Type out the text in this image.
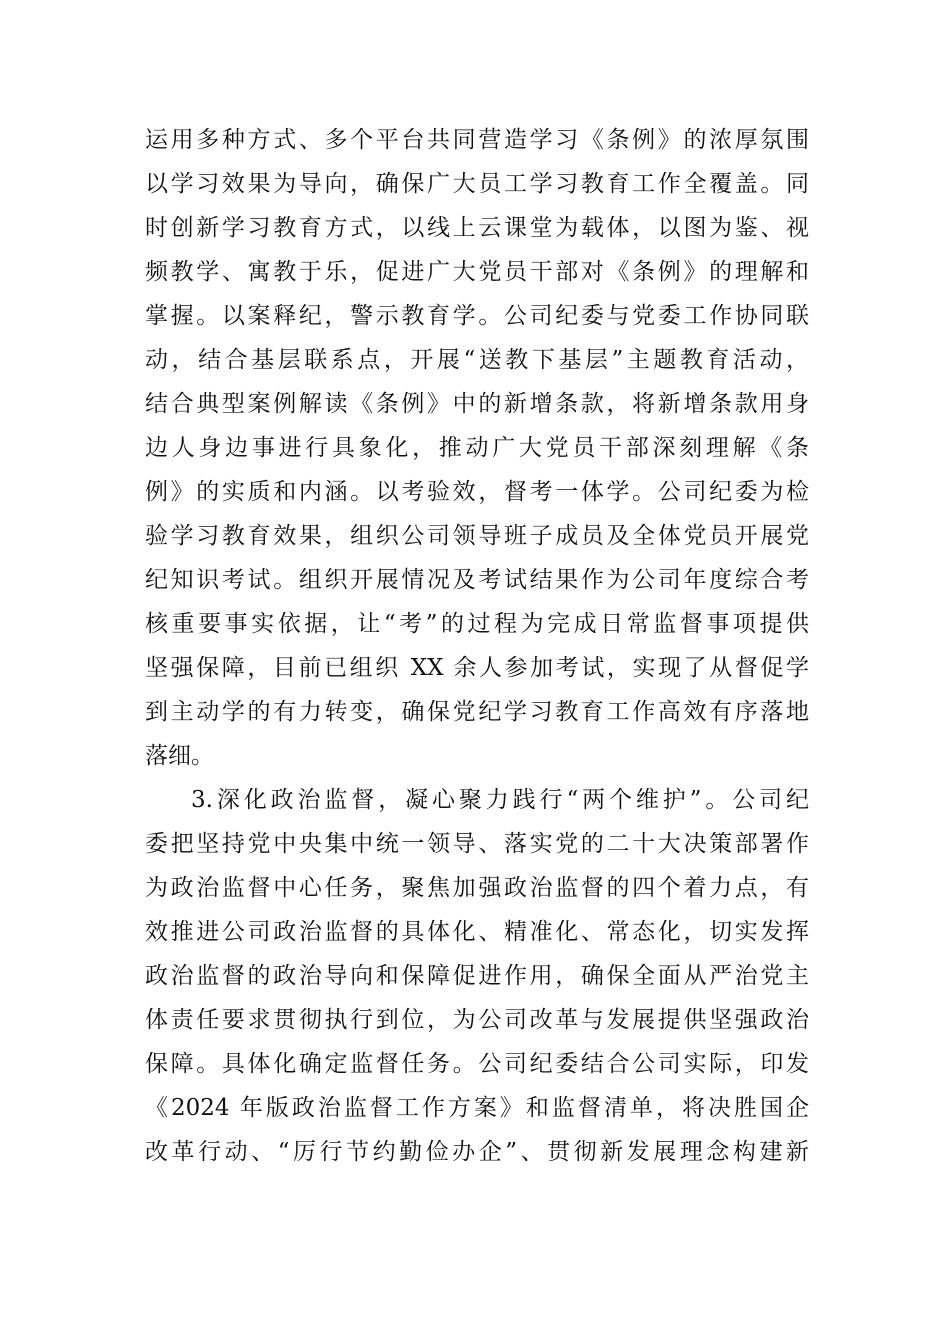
运用多种方式、多个平台共同营造学习《条例》的浓厚氛围
以学习效果为导向，确保广大员工学习教育工作全覆盖。同
时创新学习教育方式，以线上云课堂为载体，以图为鉴、视
频教学、寓教于乐，促进广大党员干部对《条例》的理解和
掌握。以案释纪，警示教育学。公司纪委与党委工作协同联
动，结合基层联系点，开展“送教下基层”主题教育活动，
结合典型案例解读《条例》中的新增条款，将新增条款用身
边人身边事进行具象化，推动广大党员干部深刻理解《条
例》的实质和内涵。以考验效，督考一体学。公司纪委为检
验学习教育效果，组织公司领导班子成员及全体党员开展党
纪知识考试。组织开展情况及考试结果作为公司年度综合考
核重要事实依据，让“考”的过程为完成日常监督事项提供
坚强保障，目前已组织 XX 余人参加考试，实现了从督促学
到主动学的有力转变，确保党纪学习教育工作高效有序落地
落细。
3.深化政治监督，凝心聚力践行“两个维护”。公司纪
委把坚持党中央集中统一领导、落实党的二十大决策部署作
为政治监督中心任务，聚焦加强政治监督的四个着力点，有
效推进公司政治监督的具体化、精准化、常态化，切实发挥
政治监督的政治导向和保障促进作用，确保全面从严治党主
体责任要求贯彻执行到位，为公司改革与发展提供坚强政治
保障。具体化确定监督任务。公司纪委结合公司实际，印发
《2024 年版政治监督工作方案》和监督清单，将决胜国企
改革行动、“厉行节约勤俭办企”、贯彻新发展理念构建新
